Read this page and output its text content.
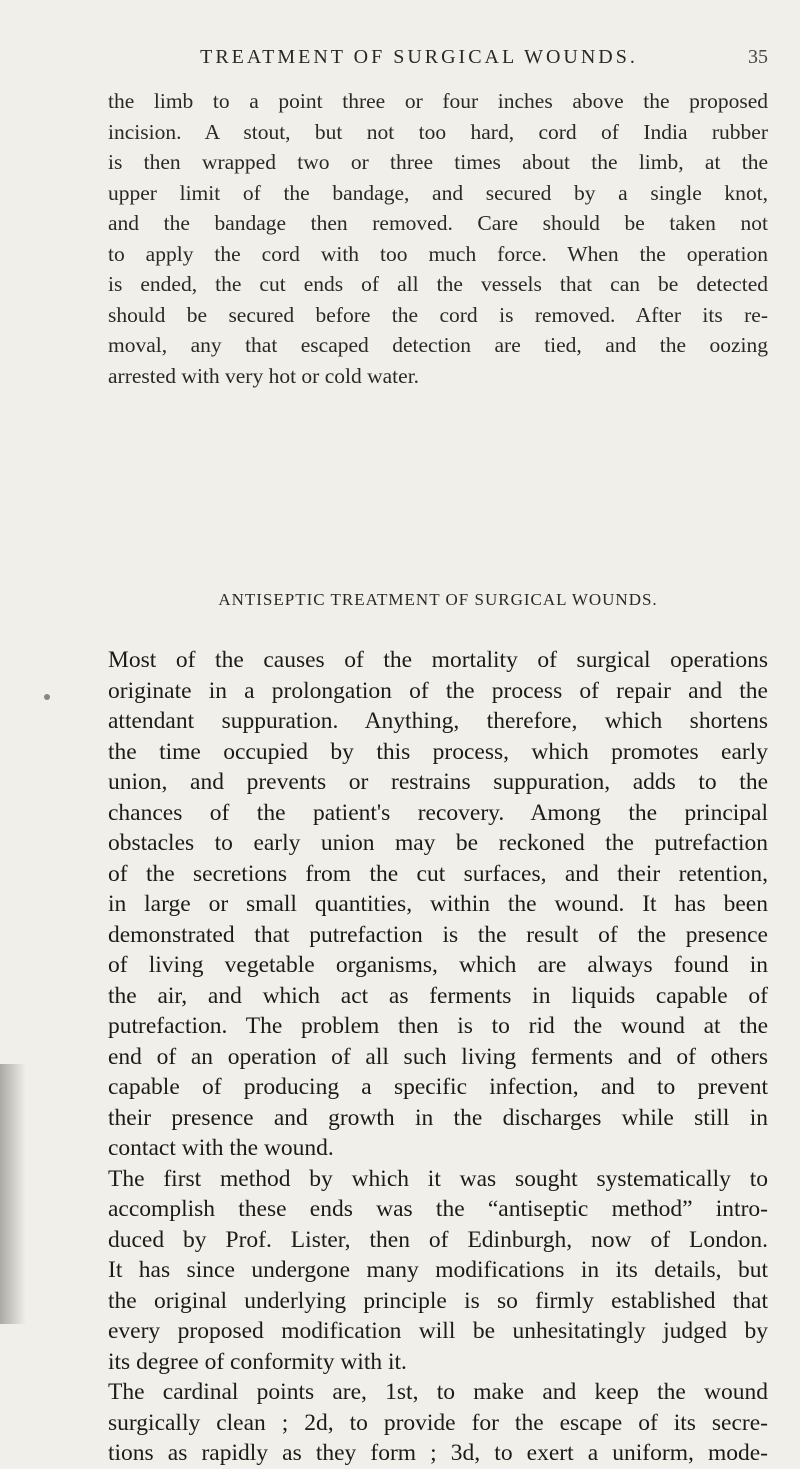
TREATMENT OF SURGICAL WOUNDS.	35

the limb to a point three or four inches above the proposed
incision. A stout, but not too hard, cord of India rubber
is then wrapped two or three times about the limb, at the
upper limit of the bandage, and secured by a single knot,
and the bandage then removed. Care should be taken not
to apply the cord with too much force. When the operation
is ended, the cut ends of all the vessels that can be detected
should be secured before the cord is removed. After its re-
moval, any that escaped detection are tied, and the oozing
arrested with very hot or cold water.

ANTISEPTIC TREATMENT OF SURGICAL WOUNDS.

Most of the causes of the mortality of surgical operations
originate in a prolongation of the process of repair and the
attendant suppuration. Anything, therefore, which shortens
the time occupied by this process, which promotes early
union, and prevents or restrains suppuration, adds to the
chances of the patient's recovery. Among the principal
obstacles to early union may be reckoned the putrefaction
of the secretions from the cut surfaces, and their retention,
in large or small quantities, within the wound. It has been
demonstrated that putrefaction is the result of the presence
of living vegetable organisms, which are always found in
the air, and which act as ferments in liquids capable of
putrefaction. The problem then is to rid the wound at the
end of an operation of all such living ferments and of others
capable of producing a specific infection, and to prevent
their presence and growth in the discharges while still in
contact with the wound.

The first method by which it was sought systematically to
accomplish these ends was the “antiseptic method” intro-
duced by Prof. Lister, then of Edinburgh, now of London.
It has since undergone many modifications in its details, but
the original underlying principle is so firmly established that
every proposed modification will be unhesitatingly judged by
its degree of conformity with it.

The cardinal points are, 1st, to make and keep the wound
surgically clean ; 2d, to provide for the escape of its secre-
tions as rapidly as they form ; 3d, to exert a uniform, mode-
